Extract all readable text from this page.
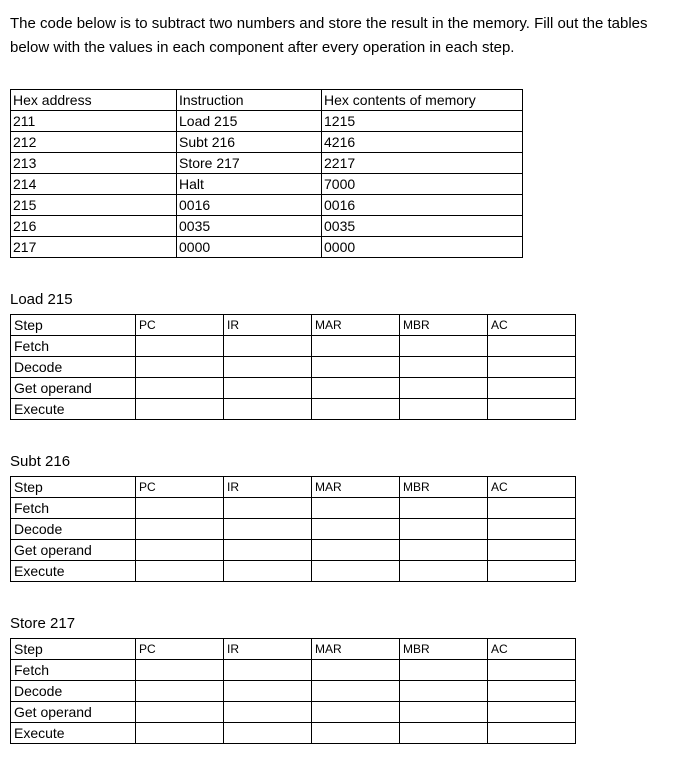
The code below is to subtract two numbers and store the result in the memory. Fill out the tables below with the values in each component after every operation in each step.

Hex address	Instruction	Hex contents of memory
211	Load 215	1215
212	Subt 216	4216
213	Store 217	2217
214	Halt	7000
215	0016	0016
216	0035	0035
217	0000	0000

Load 215

Step	PC	IR	MAR	MBR	AC
Fetch					
Decode					
Get operand					
Execute					

Subt 216

Step	PC	IR	MAR	MBR	AC
Fetch					
Decode					
Get operand					
Execute					

Store 217

Step	PC	IR	MAR	MBR	AC
Fetch					
Decode					
Get operand					
Execute					
